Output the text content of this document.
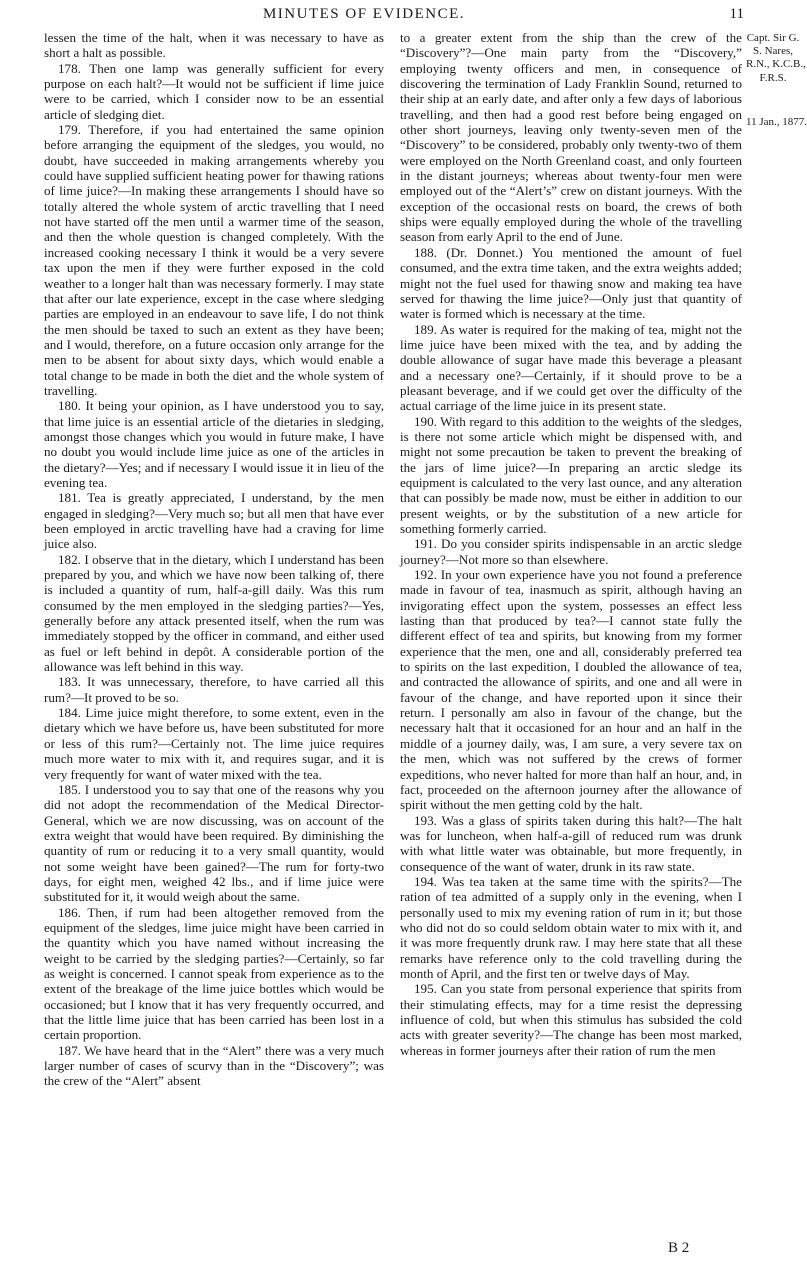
MINUTES OF EVIDENCE.	11

lessen the time of the halt, when it was necessary to have as short a halt as possible.

178. Then one lamp was generally sufficient for every purpose on each halt?—It would not be sufficient if lime juice were to be carried, which I consider now to be an essential article of sledging diet.

179. Therefore, if you had entertained the same opinion before arranging the equipment of the sledges, you would, no doubt, have succeeded in making arrangements whereby you could have supplied sufficient heating power for thawing rations of lime juice?—In making these arrangements I should have so totally altered the whole system of arctic travelling that I need not have started off the men until a warmer time of the season, and then the whole question is changed completely. With the increased cooking necessary I think it would be a very severe tax upon the men if they were further exposed in the cold weather to a longer halt than was necessary formerly. I may state that after our late experience, except in the case where sledging parties are employed in an endeavour to save life, I do not think the men should be taxed to such an extent as they have been; and I would, therefore, on a future occasion only arrange for the men to be absent for about sixty days, which would enable a total change to be made in both the diet and the whole system of travelling.

180. It being your opinion, as I have understood you to say, that lime juice is an essential article of the dietaries in sledging, amongst those changes which you would in future make, I have no doubt you would include lime juice as one of the articles in the dietary?—Yes; and if necessary I would issue it in lieu of the evening tea.

181. Tea is greatly appreciated, I understand, by the men engaged in sledging?—Very much so; but all men that have ever been employed in arctic travelling have had a craving for lime juice also.

182. I observe that in the dietary, which I understand has been prepared by you, and which we have now been talking of, there is included a quantity of rum, half-a-gill daily. Was this rum consumed by the men employed in the sledging parties?—Yes, generally before any attack presented itself, when the rum was immediately stopped by the officer in command, and either used as fuel or left behind in depôt. A considerable portion of the allowance was left behind in this way.

183. It was unnecessary, therefore, to have carried all this rum?—It proved to be so.

184. Lime juice might therefore, to some extent, even in the dietary which we have before us, have been substituted for more or less of this rum?—Certainly not. The lime juice requires much more water to mix with it, and requires sugar, and it is very frequently for want of water mixed with the tea.

185. I understood you to say that one of the reasons why you did not adopt the recommendation of the Medical Director-General, which we are now discussing, was on account of the extra weight that would have been required. By diminishing the quantity of rum or reducing it to a very small quantity, would not some weight have been gained?—The rum for forty-two days, for eight men, weighed 42 lbs., and if lime juice were substituted for it, it would weigh about the same.

186. Then, if rum had been altogether removed from the equipment of the sledges, lime juice might have been carried in the quantity which you have named without increasing the weight to be carried by the sledging parties?—Certainly, so far as weight is concerned. I cannot speak from experience as to the extent of the breakage of the lime juice bottles which would be occasioned; but I know that it has very frequently occurred, and that the little lime juice that has been carried has been lost in a certain proportion.

187. We have heard that in the “Alert” there was a very much larger number of cases of scurvy than in the “Discovery”; was the crew of the “Alert” absent

to a greater extent from the ship than the crew of the “Discovery”?—One main party from the “Discovery,” employing twenty officers and men, in consequence of discovering the termination of Lady Franklin Sound, returned to their ship at an early date, and after only a few days of laborious travelling, and then had a good rest before being engaged on other short journeys, leaving only twenty-seven men of the “Discovery” to be considered, probably only twenty-two of them were employed on the North Greenland coast, and only fourteen in the distant journeys; whereas about twenty-four men were employed out of the “Alert’s” crew on distant journeys. With the exception of the occasional rests on board, the crews of both ships were equally employed during the whole of the travelling season from early April to the end of June.

188. (Dr. Donnet.) You mentioned the amount of fuel consumed, and the extra time taken, and the extra weights added; might not the fuel used for thawing snow and making tea have served for thawing the lime juice?—Only just that quantity of water is formed which is necessary at the time.

189. As water is required for the making of tea, might not the lime juice have been mixed with the tea, and by adding the double allowance of sugar have made this beverage a pleasant and a necessary one?—Certainly, if it should prove to be a pleasant beverage, and if we could get over the difficulty of the actual carriage of the lime juice in its present state.

190. With regard to this addition to the weights of the sledges, is there not some article which might be dispensed with, and might not some precaution be taken to prevent the breaking of the jars of lime juice?—In preparing an arctic sledge its equipment is calculated to the very last ounce, and any alteration that can possibly be made now, must be either in addition to our present weights, or by the substitution of a new article for something formerly carried.

191. Do you consider spirits indispensable in an arctic sledge journey?—Not more so than elsewhere.

192. In your own experience have you not found a preference made in favour of tea, inasmuch as spirit, although having an invigorating effect upon the system, possesses an effect less lasting than that produced by tea?—I cannot state fully the different effect of tea and spirits, but knowing from my former experience that the men, one and all, considerably preferred tea to spirits on the last expedition, I doubled the allowance of tea, and contracted the allowance of spirits, and one and all were in favour of the change, and have reported upon it since their return. I personally am also in favour of the change, but the necessary halt that it occasioned for an hour and an half in the middle of a journey daily, was, I am sure, a very severe tax on the men, which was not suffered by the crews of former expeditions, who never halted for more than half an hour, and, in fact, proceeded on the afternoon journey after the allowance of spirit without the men getting cold by the halt.

193. Was a glass of spirits taken during this halt?—The halt was for luncheon, when half-a-gill of reduced rum was drunk with what little water was obtainable, but more frequently, in consequence of the want of water, drunk in its raw state.

194. Was tea taken at the same time with the spirits?—The ration of tea admitted of a supply only in the evening, when I personally used to mix my evening ration of rum in it; but those who did not do so could seldom obtain water to mix with it, and it was more frequently drunk raw. I may here state that all these remarks have reference only to the cold travelling during the month of April, and the first ten or twelve days of May.

195. Can you state from personal experience that spirits from their stimulating effects, may for a time resist the depressing influence of cold, but when this stimulus has subsided the cold acts with greater severity?—The change has been most marked, whereas in former journeys after their ration of rum the men

Capt. Sir G.
S. Nares,
R.N., K.C.B.,
F.R.S.
11 Jan., 1877.
B 2
